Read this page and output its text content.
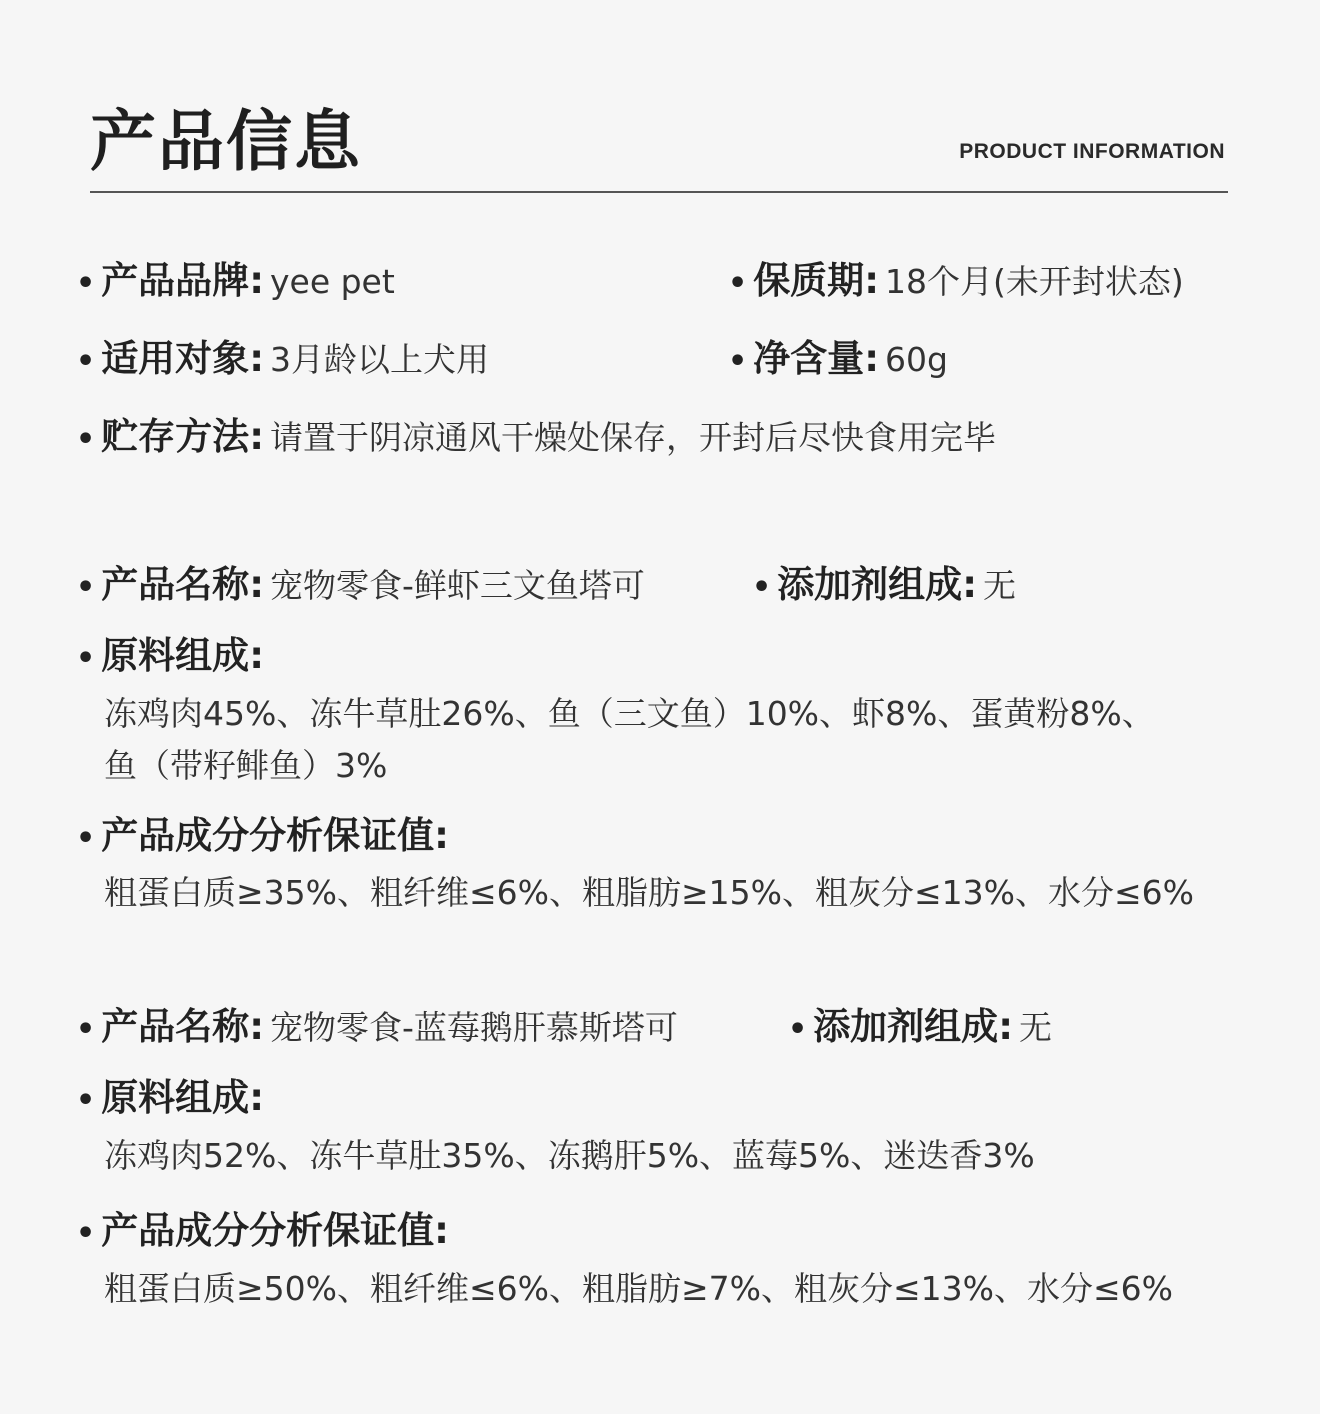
产品信息	PRODUCT INFORMATION
• 产品品牌: yee pet	• 保质期: 18个月(未开封状态)
• 适用对象: 3月龄以上犬用	• 净含量: 60g
• 贮存方法: 请置于阴凉通风干燥处保存，开封后尽快食用完毕
• 产品名称: 宠物零食-鲜虾三文鱼塔可	• 添加剂组成: 无
• 原料组成:
冻鸡肉45%、冻牛草肚26%、鱼（三文鱼）10%、虾8%、蛋黄粉8%、
鱼（带籽鲱鱼）3%
• 产品成分分析保证值:
粗蛋白质≥35%、粗纤维≤6%、粗脂肪≥15%、粗灰分≤13%、水分≤6%
• 产品名称: 宠物零食-蓝莓鹅肝慕斯塔可	• 添加剂组成: 无
• 原料组成:
冻鸡肉52%、冻牛草肚35%、冻鹅肝5%、蓝莓5%、迷迭香3%
• 产品成分分析保证值:
粗蛋白质≥50%、粗纤维≤6%、粗脂肪≥7%、粗灰分≤13%、水分≤6%
